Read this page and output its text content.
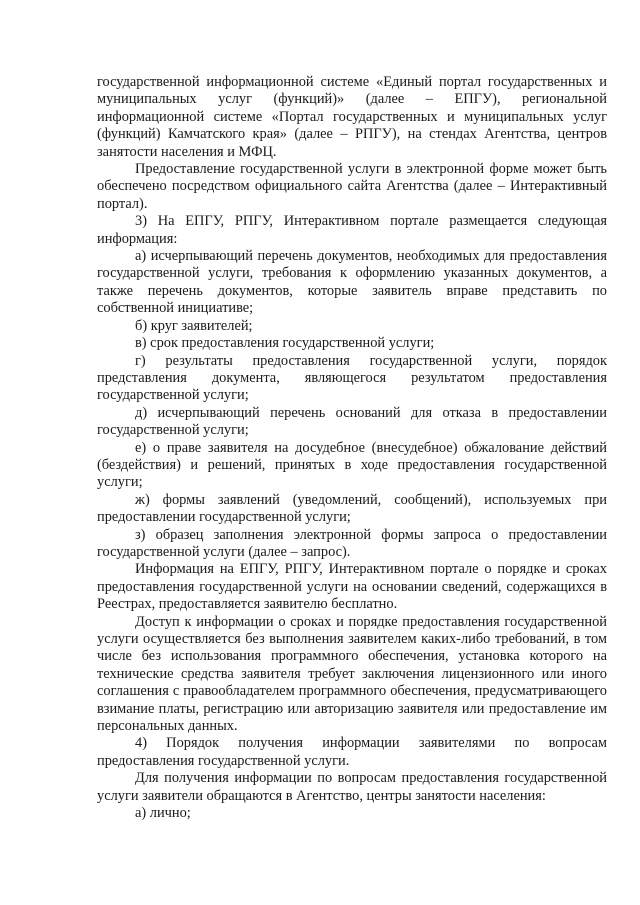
государственной информационной системе «Единый портал государственных и муниципальных услуг (функций)» (далее – ЕПГУ), региональной информационной системе «Портал государственных и муниципальных услуг (функций) Камчатского края» (далее – РПГУ), на стендах Агентства, центров занятости населения и МФЦ.

Предоставление государственной услуги в электронной форме может быть обеспечено посредством официального сайта Агентства (далее – Интерактивный портал).

3) На ЕПГУ, РПГУ, Интерактивном портале размещается следующая информация:

а) исчерпывающий перечень документов, необходимых для предоставления государственной услуги, требования к оформлению указанных документов, а также перечень документов, которые заявитель вправе представить по собственной инициативе;

б) круг заявителей;

в) срок предоставления государственной услуги;

г) результаты предоставления государственной услуги, порядок представления документа, являющегося результатом предоставления государственной услуги;

д) исчерпывающий перечень оснований для отказа в предоставлении государственной услуги;

е) о праве заявителя на досудебное (внесудебное) обжалование действий (бездействия) и решений, принятых в ходе предоставления государственной услуги;

ж) формы заявлений (уведомлений, сообщений), используемых при предоставлении государственной услуги;

з) образец заполнения электронной формы запроса о предоставлении государственной услуги (далее – запрос).

Информация на ЕПГУ, РПГУ, Интерактивном портале о порядке и сроках предоставления государственной услуги на основании сведений, содержащихся в Реестрах, предоставляется заявителю бесплатно.

Доступ к информации о сроках и порядке предоставления государственной услуги осуществляется без выполнения заявителем каких-либо требований, в том числе без использования программного обеспечения, установка которого на технические средства заявителя требует заключения лицензионного или иного соглашения с правообладателем программного обеспечения, предусматривающего взимание платы, регистрацию или авторизацию заявителя или предоставление им персональных данных.

4) Порядок получения информации заявителями по вопросам предоставления государственной услуги.

Для получения информации по вопросам предоставления государственной услуги заявители обращаются в Агентство, центры занятости населения:

а) лично;
